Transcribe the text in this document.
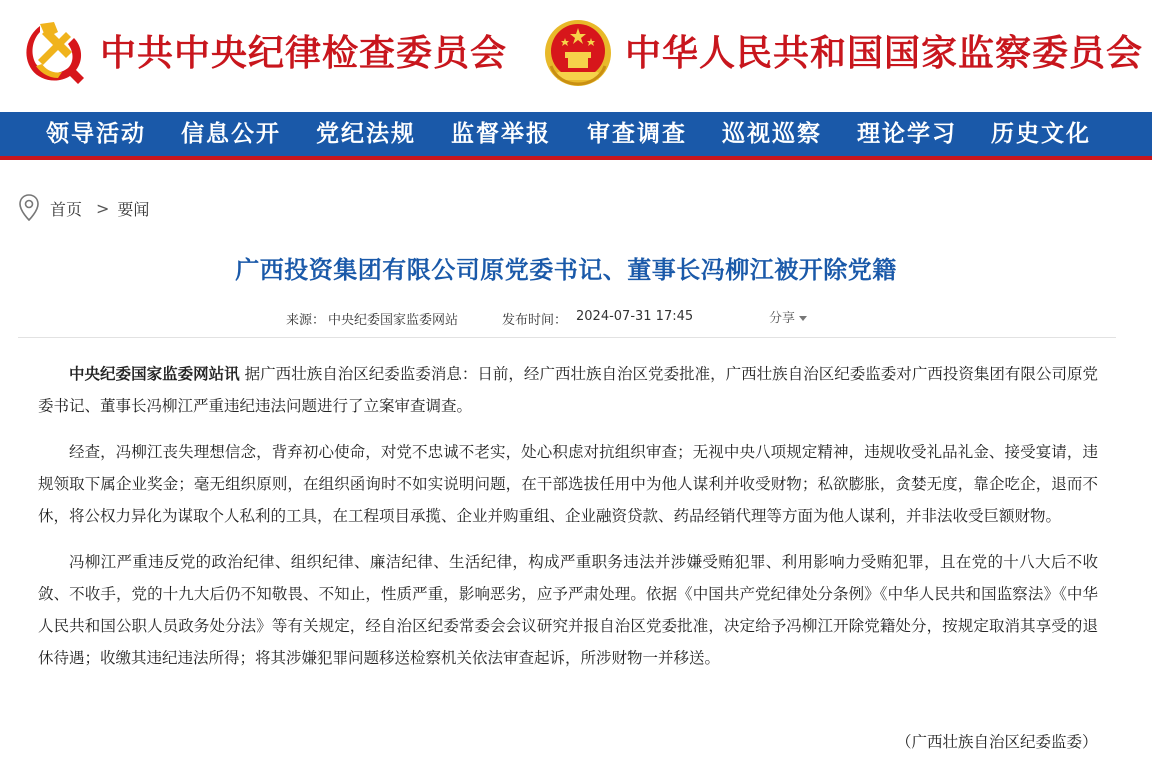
中共中央纪律检查委员会	中华人民共和国国家监察委员会
领导活动 信息公开 党纪法规 监督举报 审查调查 巡视巡察 理论学习 历史文化
首页 > 要闻
广西投资集团有限公司原党委书记、董事长冯柳江被开除党籍
来源： 中央纪委国家监委网站	发布时间： 2024-07-31 17:45	分享

中央纪委国家监委网站讯 据广西壮族自治区纪委监委消息：日前，经广西壮族自治区党委批准，广西壮族自治区纪委监委对广西投资集团有限公司原党委书记、董事长冯柳江严重违纪违法问题进行了立案审查调查。

经查，冯柳江丧失理想信念，背弃初心使命，对党不忠诚不老实，处心积虑对抗组织审查；无视中央八项规定精神，违规收受礼品礼金、接受宴请，违规领取下属企业奖金；毫无组织原则，在组织函询时不如实说明问题，在干部选拔任用中为他人谋利并收受财物；私欲膨胀，贪婪无度，靠企吃企，退而不休，将公权力异化为谋取个人私利的工具，在工程项目承揽、企业并购重组、企业融资贷款、药品经销代理等方面为他人谋利，并非法收受巨额财物。

冯柳江严重违反党的政治纪律、组织纪律、廉洁纪律、生活纪律，构成严重职务违法并涉嫌受贿犯罪、利用影响力受贿犯罪，且在党的十八大后不收敛、不收手，党的十九大后仍不知敬畏、不知止，性质严重，影响恶劣，应予严肃处理。依据《中国共产党纪律处分条例》《中华人民共和国监察法》《中华人民共和国公职人员政务处分法》等有关规定，经自治区纪委常委会会议研究并报自治区党委批准，决定给予冯柳江开除党籍处分，按规定取消其享受的退休待遇；收缴其违纪违法所得；将其涉嫌犯罪问题移送检察机关依法审查起诉，所涉财物一并移送。

（广西壮族自治区纪委监委）
